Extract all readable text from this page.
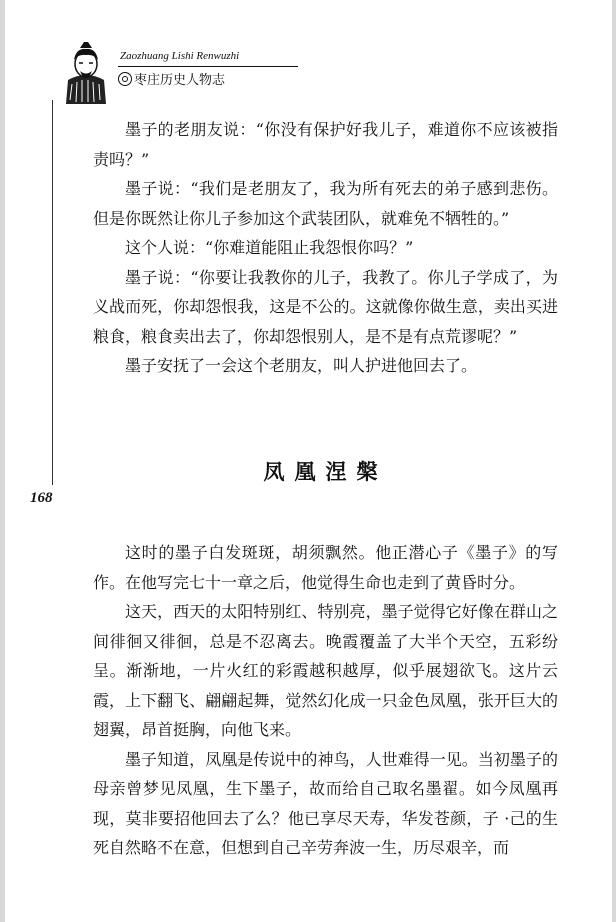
Zaozhuang Lishi Renwuzhi
枣庄历史人物志
168

墨子的老朋友说：“你没有保护好我儿子，难道你不应该被指责吗？”

墨子说：“我们是老朋友了，我为所有死去的弟子感到悲伤。但是你既然让你儿子参加这个武装团队，就难免不牺牲的。”

这个人说：“你难道能阻止我怨恨你吗？”

墨子说：“你要让我教你的儿子，我教了。你儿子学成了，为义战而死，你却怨恨我，这是不公的。这就像你做生意，卖出买进粮食，粮食卖出去了，你却怨恨别人，是不是有点荒谬呢？”

墨子安抚了一会这个老朋友，叫人护进他回去了。

凤凰涅槃

这时的墨子白发斑斑，胡须飘然。他正潜心子《墨子》的写作。在他写完七十一章之后，他觉得生命也走到了黄昏时分。

这天，西天的太阳特别红、特别亮，墨子觉得它好像在群山之间徘徊又徘徊，总是不忍离去。晚霞覆盖了大半个天空，五彩纷呈。渐渐地，一片火红的彩霞越积越厚，似乎展翅欲飞。这片云霞，上下翻飞、翩翩起舞，觉然幻化成一只金色凤凰，张开巨大的翅翼，昂首挺胸，向他飞来。

墨子知道，凤凰是传说中的神鸟，人世难得一见。当初墨子的母亲曾梦见凤凰，生下墨子，故而给自己取名墨翟。如今凤凰再现，莫非要招他回去了么？他已享尽天寿，华发苍颜，子 ·己的生死自然略不在意，但想到自己辛劳奔波一生，历尽艰辛，而
